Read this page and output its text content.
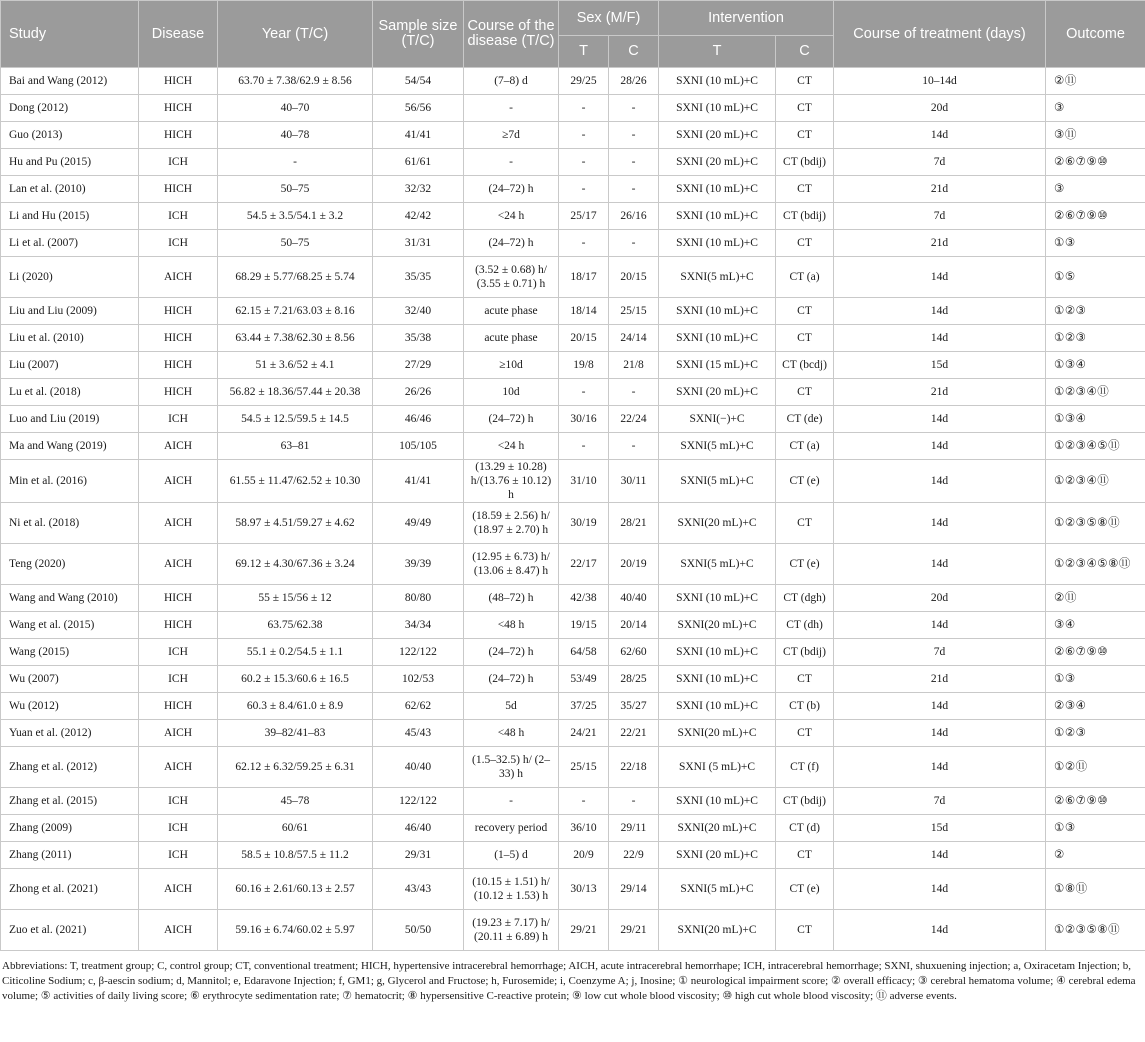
Study	Disease	Year (T/C)	Sample size (T/C)	Course of the disease (T/C)	Sex (M/F)		Intervention		Course of treatment (days)	Outcome
					T	C	T	C		
Bai and Wang (2012)	HICH	63.70 ± 7.38/62.9 ± 8.56	54/54	(7–8) d	29/25	28/26	SXNI (10 mL)+C	CT	10–14d	②⑪
Dong (2012)	HICH	40–70	56/56	-	-	-	SXNI (10 mL)+C	CT	20d	③
Guo (2013)	HICH	40–78	41/41	≥7d	-	-	SXNI (20 mL)+C	CT	14d	③⑪
Hu and Pu (2015)	ICH	-	61/61	-	-	-	SXNI (20 mL)+C	CT (bdij)	7d	②⑥⑦⑨⑩
Lan et al. (2010)	HICH	50–75	32/32	(24–72) h	-	-	SXNI (10 mL)+C	CT	21d	③
Li and Hu (2015)	ICH	54.5 ± 3.5/54.1 ± 3.2	42/42	<24 h	25/17	26/16	SXNI (10 mL)+C	CT (bdij)	7d	②⑥⑦⑨⑩
Li et al. (2007)	ICH	50–75	31/31	(24–72) h	-	-	SXNI (10 mL)+C	CT	21d	①③
Li (2020)	AICH	68.29 ± 5.77/68.25 ± 5.74	35/35	(3.52 ± 0.68) h/ (3.55 ± 0.71) h	18/17	20/15	SXNI(5 mL)+C	CT (a)	14d	①⑤
Liu and Liu (2009)	HICH	62.15 ± 7.21/63.03 ± 8.16	32/40	acute phase	18/14	25/15	SXNI (10 mL)+C	CT	14d	①②③
Liu et al. (2010)	HICH	63.44 ± 7.38/62.30 ± 8.56	35/38	acute phase	20/15	24/14	SXNI (10 mL)+C	CT	14d	①②③
Liu (2007)	HICH	51 ± 3.6/52 ± 4.1	27/29	≥10d	19/8	21/8	SXNI (15 mL)+C	CT (bcdj)	15d	①③④
Lu et al. (2018)	HICH	56.82 ± 18.36/57.44 ± 20.38	26/26	10d	-	-	SXNI (20 mL)+C	CT	21d	①②③④⑪
Luo and Liu (2019)	ICH	54.5 ± 12.5/59.5 ± 14.5	46/46	(24–72) h	30/16	22/24	SXNI(−)+C	CT (de)	14d	①③④
Ma and Wang (2019)	AICH	63–81	105/105	<24 h	-	-	SXNI(5 mL)+C	CT (a)	14d	①②③④⑤⑪
Min et al. (2016)	AICH	61.55 ± 11.47/62.52 ± 10.30	41/41	(13.29 ± 10.28) h/(13.76 ± 10.12) h	31/10	30/11	SXNI(5 mL)+C	CT (e)	14d	①②③④⑪
Ni et al. (2018)	AICH	58.97 ± 4.51/59.27 ± 4.62	49/49	(18.59 ± 2.56) h/ (18.97 ± 2.70) h	30/19	28/21	SXNI(20 mL)+C	CT	14d	①②③⑤⑧⑪
Teng (2020)	AICH	69.12 ± 4.30/67.36 ± 3.24	39/39	(12.95 ± 6.73) h/ (13.06 ± 8.47) h	22/17	20/19	SXNI(5 mL)+C	CT (e)	14d	①②③④⑤⑧⑪
Wang and Wang (2010)	HICH	55 ± 15/56 ± 12	80/80	(48–72) h	42/38	40/40	SXNI (10 mL)+C	CT (dgh)	20d	②⑪
Wang et al. (2015)	HICH	63.75/62.38	34/34	<48 h	19/15	20/14	SXNI(20 mL)+C	CT (dh)	14d	③④
Wang (2015)	ICH	55.1 ± 0.2/54.5 ± 1.1	122/122	(24–72) h	64/58	62/60	SXNI (10 mL)+C	CT (bdij)	7d	②⑥⑦⑨⑩
Wu (2007)	ICH	60.2 ± 15.3/60.6 ± 16.5	102/53	(24–72) h	53/49	28/25	SXNI (10 mL)+C	CT	21d	①③
Wu (2012)	HICH	60.3 ± 8.4/61.0 ± 8.9	62/62	5d	37/25	35/27	SXNI (10 mL)+C	CT (b)	14d	②③④
Yuan et al. (2012)	AICH	39–82/41–83	45/43	<48 h	24/21	22/21	SXNI(20 mL)+C	CT	14d	①②③
Zhang et al. (2012)	AICH	62.12 ± 6.32/59.25 ± 6.31	40/40	(1.5–32.5) h/ (2–33) h	25/15	22/18	SXNI (5 mL)+C	CT (f)	14d	①②⑪
Zhang et al. (2015)	ICH	45–78	122/122	-	-	-	SXNI (10 mL)+C	CT (bdij)	7d	②⑥⑦⑨⑩
Zhang (2009)	ICH	60/61	46/40	recovery period	36/10	29/11	SXNI(20 mL)+C	CT (d)	15d	①③
Zhang (2011)	ICH	58.5 ± 10.8/57.5 ± 11.2	29/31	(1–5) d	20/9	22/9	SXNI (20 mL)+C	CT	14d	②
Zhong et al. (2021)	AICH	60.16 ± 2.61/60.13 ± 2.57	43/43	(10.15 ± 1.51) h/ (10.12 ± 1.53) h	30/13	29/14	SXNI(5 mL)+C	CT (e)	14d	①⑧⑪
Zuo et al. (2021)	AICH	59.16 ± 6.74/60.02 ± 5.97	50/50	(19.23 ± 7.17) h/ (20.11 ± 6.89) h	29/21	29/21	SXNI(20 mL)+C	CT	14d	①②③⑤⑧⑪
Abbreviations: T, treatment group; C, control group; CT, conventional treatment; HICH, hypertensive intracerebral hemorrhage; AICH, acute intracerebral hemorrhape; ICH, intracerebral hemorrhage; SXNI, shuxuening injection; a, Oxiracetam Injection; b, Citicoline Sodium; c, β-aescin sodium; d, Mannitol; e, Edaravone Injection; f, GM1; g, Glycerol and Fructose; h, Furosemide; i, Coenzyme A; j, Inosine; ① neurological impairment score; ② overall efficacy; ③ cerebral hematoma volume; ④ cerebral edema volume; ⑤ activities of daily living score; ⑥ erythrocyte sedimentation rate; ⑦ hematocrit; ⑧ hypersensitive C-reactive protein; ⑨ low cut whole blood viscosity; ⑩ high cut whole blood viscosity; ⑪ adverse events.
